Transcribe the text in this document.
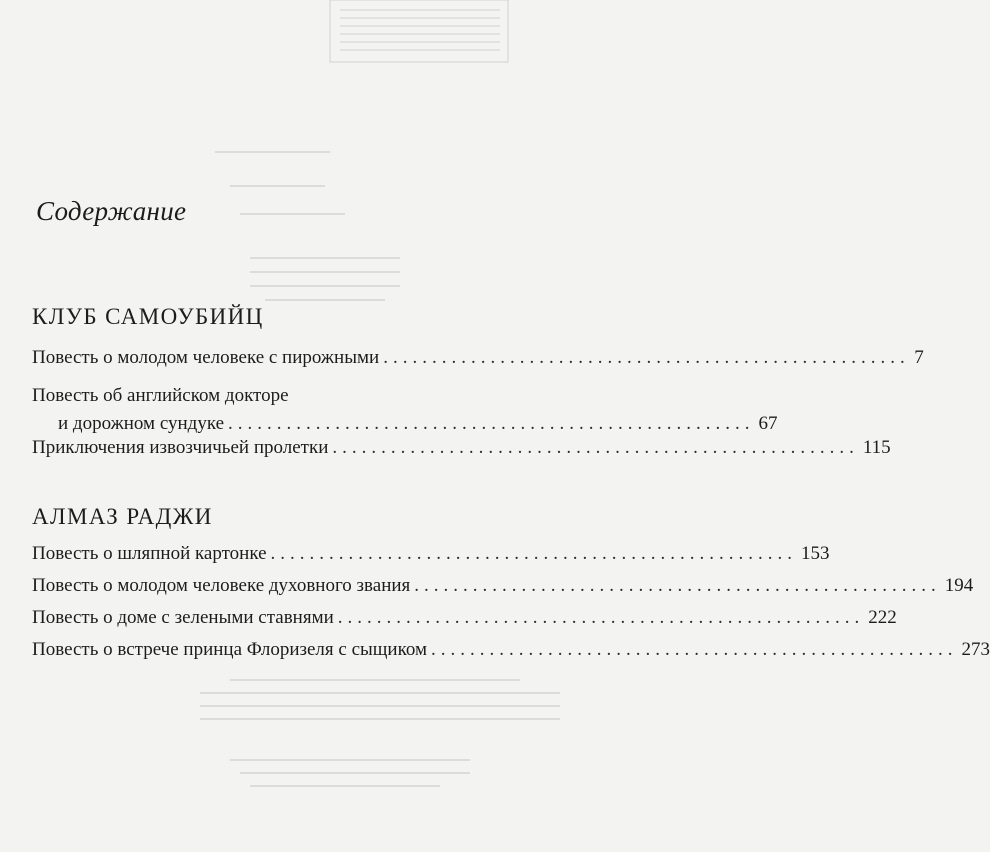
Содержание
КЛУБ САМОУБИЙЦ
Повесть о молодом человеке с пирожными ...................................................... 7
Повесть об английском докторе
и дорожном сундуке ...................................................... 67
Приключения извозчичьей пролетки ...................................................... 115
АЛМАЗ РАДЖИ
Повесть о шляпной картонке ...................................................... 153
Повесть о молодом человеке духовного звания ...................................................... 194
Повесть о доме с зелеными ставнями ...................................................... 222
Повесть о встрече принца Флоризеля с сыщиком ...................................................... 273
